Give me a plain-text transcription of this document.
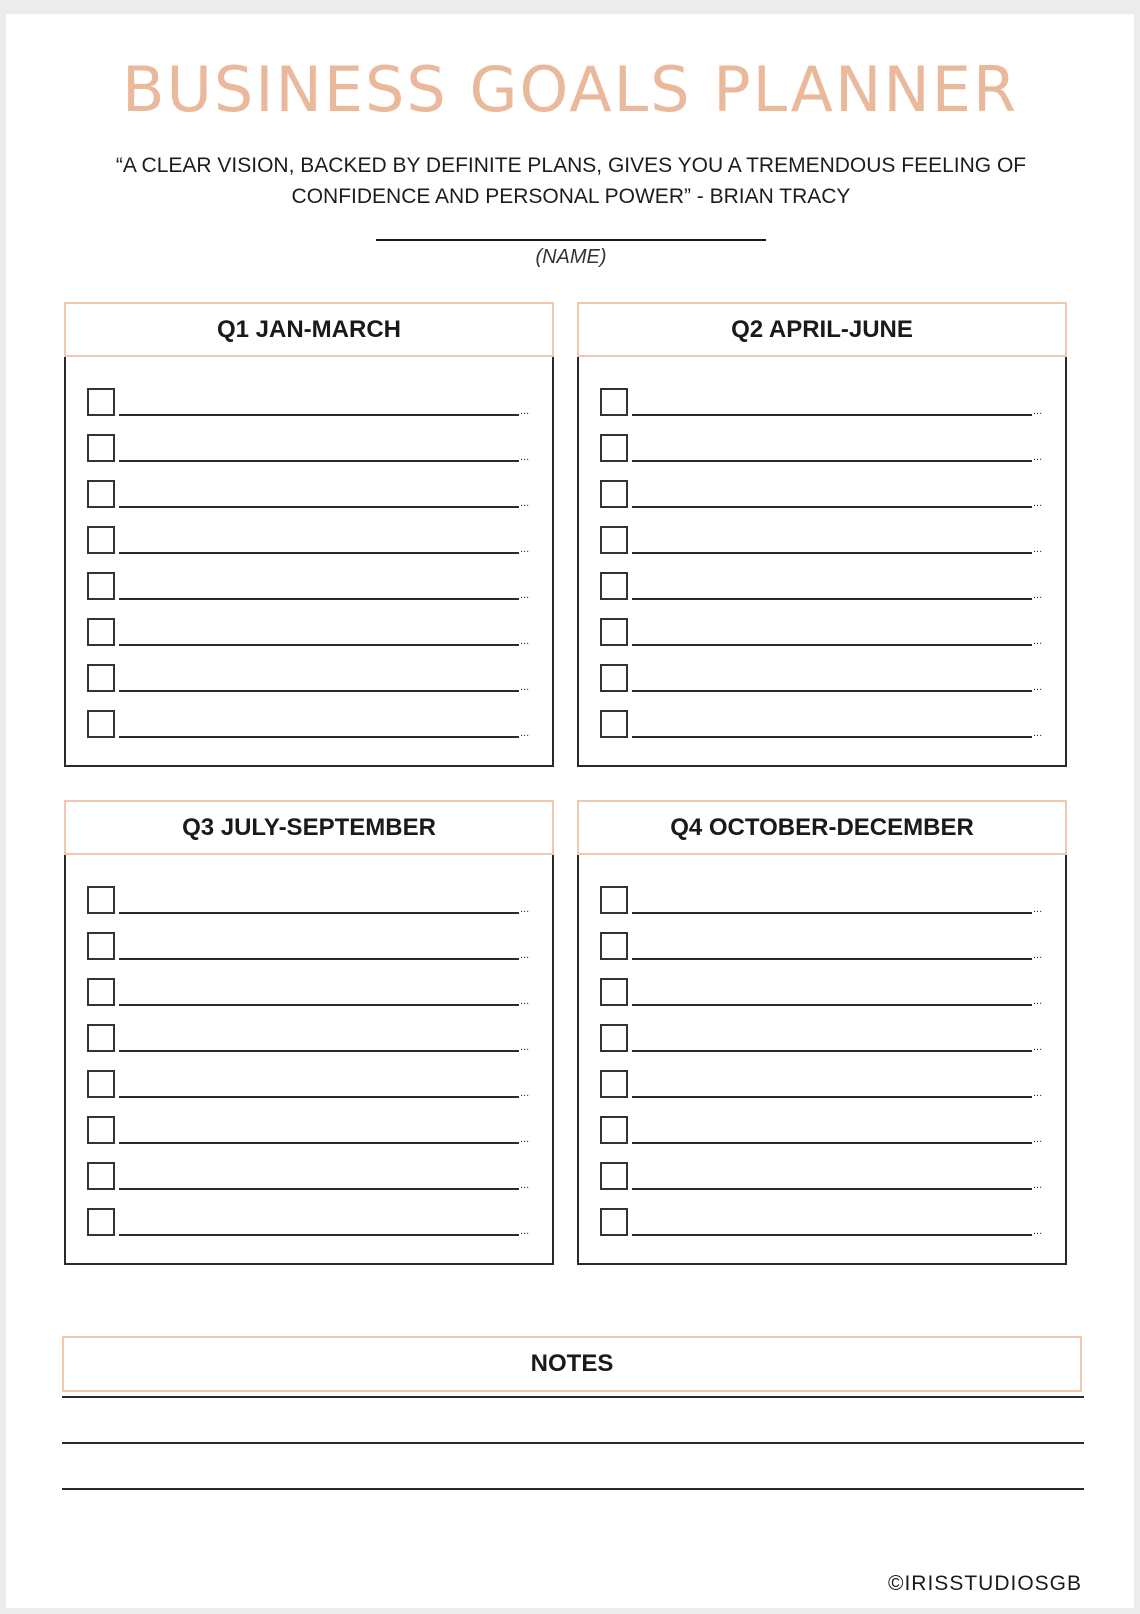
BUSINESS GOALS PLANNER

“A CLEAR VISION, BACKED BY DEFINITE PLANS, GIVES YOU A TREMENDOUS FEELING OF CONFIDENCE AND PERSONAL POWER” - BRIAN TRACY

(NAME)
Q1 JAN-MARCH
...
...
...
...
...
...
...
...
Q2 APRIL-JUNE
...
...
...
...
...
...
...
...
Q3 JULY-SEPTEMBER
...
...
...
...
...
...
...
...
Q4 OCTOBER-DECEMBER
...
...
...
...
...
...
...
...
NOTES
©IRISSTUDIOSGB
